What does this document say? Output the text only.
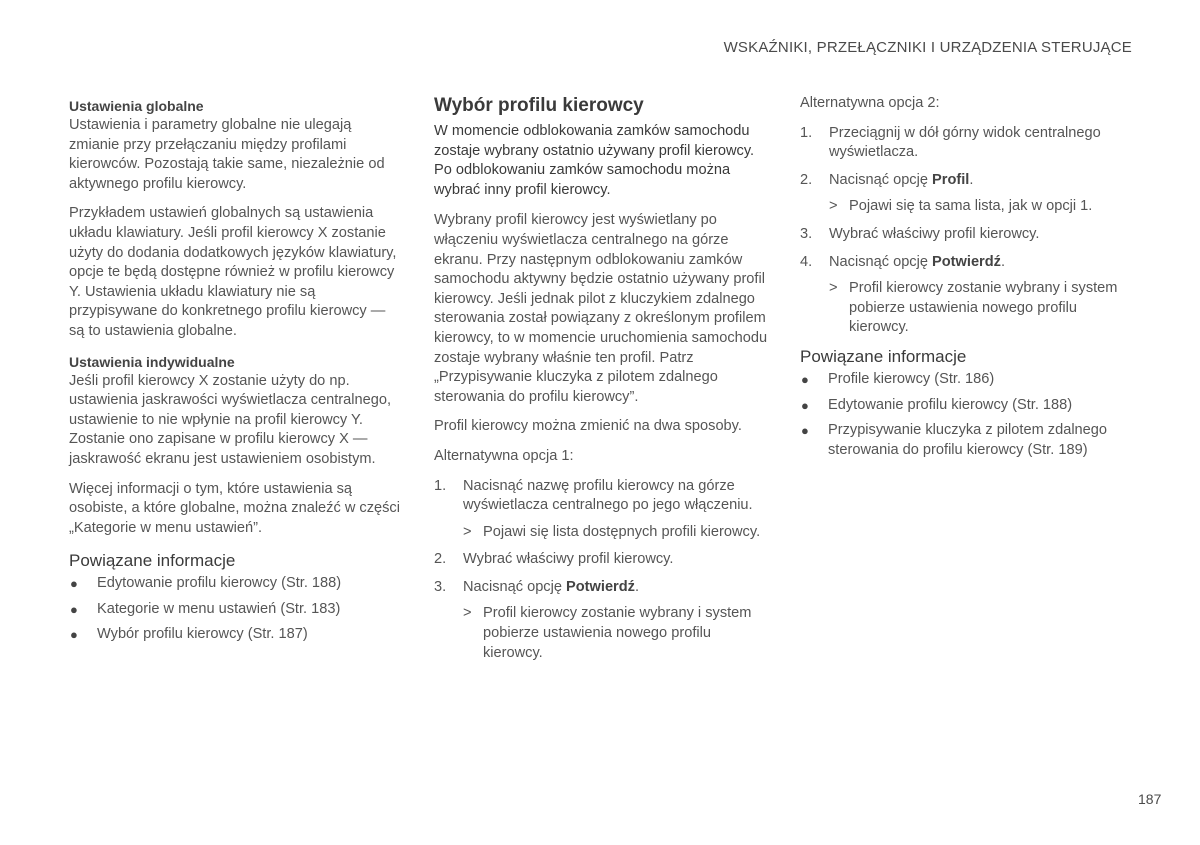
WSKAŹNIKI, PRZEŁĄCZNIKI I URZĄDZENIA STERUJĄCE
Ustawienia globalne

Ustawienia i parametry globalne nie ulegają zmianie przy przełączaniu między profilami kierowców. Pozostają takie same, niezależnie od aktywnego profilu kierowcy.

Przykładem ustawień globalnych są ustawienia układu klawiatury. Jeśli profil kierowcy X zostanie użyty do dodania dodatkowych języków klawiatury, opcje te będą dostępne również w profilu kierowcy Y. Ustawienia układu klawiatury nie są przypisywane do konkretnego profilu kierowcy — są to ustawienia globalne.

Ustawienia indywidualne

Jeśli profil kierowcy X zostanie użyty do np. ustawienia jaskrawości wyświetlacza centralnego, ustawienie to nie wpłynie na profil kierowcy Y. Zostanie ono zapisane w profilu kierowcy X — jaskrawość ekranu jest ustawieniem osobistym.

Więcej informacji o tym, które ustawienia są osobiste, a które globalne, można znaleźć w części „Kategorie w menu ustawień”.

Powiązane informacje
● Edytowanie profilu kierowcy (Str. 188)
● Kategorie w menu ustawień (Str. 183)
● Wybór profilu kierowcy (Str. 187)
Wybór profilu kierowcy

W momencie odblokowania zamków samochodu zostaje wybrany ostatnio używany profil kierowcy. Po odblokowaniu zamków samochodu można wybrać inny profil kierowcy.

Wybrany profil kierowcy jest wyświetlany po włączeniu wyświetlacza centralnego na górze ekranu. Przy następnym odblokowaniu zamków samochodu aktywny będzie ostatnio używany profil kierowcy. Jeśli jednak pilot z kluczykiem zdalnego sterowania został powiązany z określonym profilem kierowcy, to w momencie uruchomienia samochodu zostaje wybrany właśnie ten profil. Patrz „Przypisywanie kluczyka z pilotem zdalnego sterowania do profilu kierowcy”.

Profil kierowcy można zmienić na dwa sposoby.

Alternatywna opcja 1:

1. Nacisnąć nazwę profilu kierowcy na górze wyświetlacza centralnego po jego włączeniu.
> Pojawi się lista dostępnych profili kierowcy.
2. Wybrać właściwy profil kierowcy.
3. Nacisnąć opcję Potwierdź.
> Profil kierowcy zostanie wybrany i system pobierze ustawienia nowego profilu kierowcy.

Alternatywna opcja 2:

1. Przeciągnij w dół górny widok centralnego wyświetlacza.
2. Nacisnąć opcję Profil.
> Pojawi się ta sama lista, jak w opcji 1.
3. Wybrać właściwy profil kierowcy.
4. Nacisnąć opcję Potwierdź.
> Profil kierowcy zostanie wybrany i system pobierze ustawienia nowego profilu kierowcy.
Powiązane informacje
● Profile kierowcy (Str. 186)
● Edytowanie profilu kierowcy (Str. 188)
● Przypisywanie kluczyka z pilotem zdalnego sterowania do profilu kierowcy (Str. 189)
187
